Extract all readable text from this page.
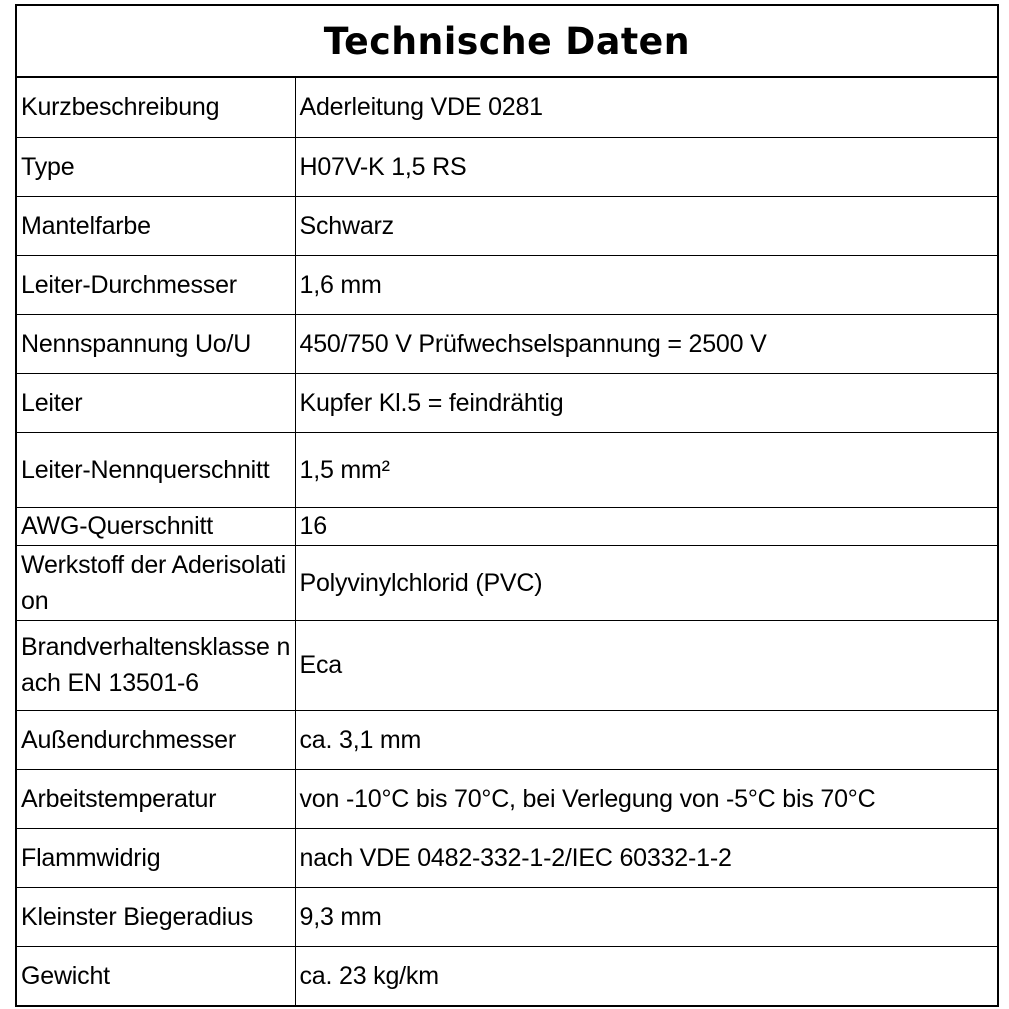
Technische Daten
Kurzbeschreibung	Aderleitung VDE 0281
Type	H07V-K 1,5 RS
Mantelfarbe	Schwarz
Leiter-Durchmesser	1,6 mm
Nennspannung Uo/U	450/750 V Prüfwechselspannung = 2500 V
Leiter	Kupfer Kl.5 = feindrähtig
Leiter-Nennquerschnitt	1,5 mm²
AWG-Querschnitt	16
Werkstoff der Aderisolation	Polyvinylchlorid (PVC)
Brandverhaltensklasse nach EN 13501-6	Eca
Außendurchmesser	ca. 3,1 mm
Arbeitstemperatur	von -10°C bis 70°C, bei Verlegung von -5°C bis 70°C
Flammwidrig	nach VDE 0482-332-1-2/IEC 60332-1-2
Kleinster Biegeradius	9,3 mm
Gewicht	ca. 23 kg/km
